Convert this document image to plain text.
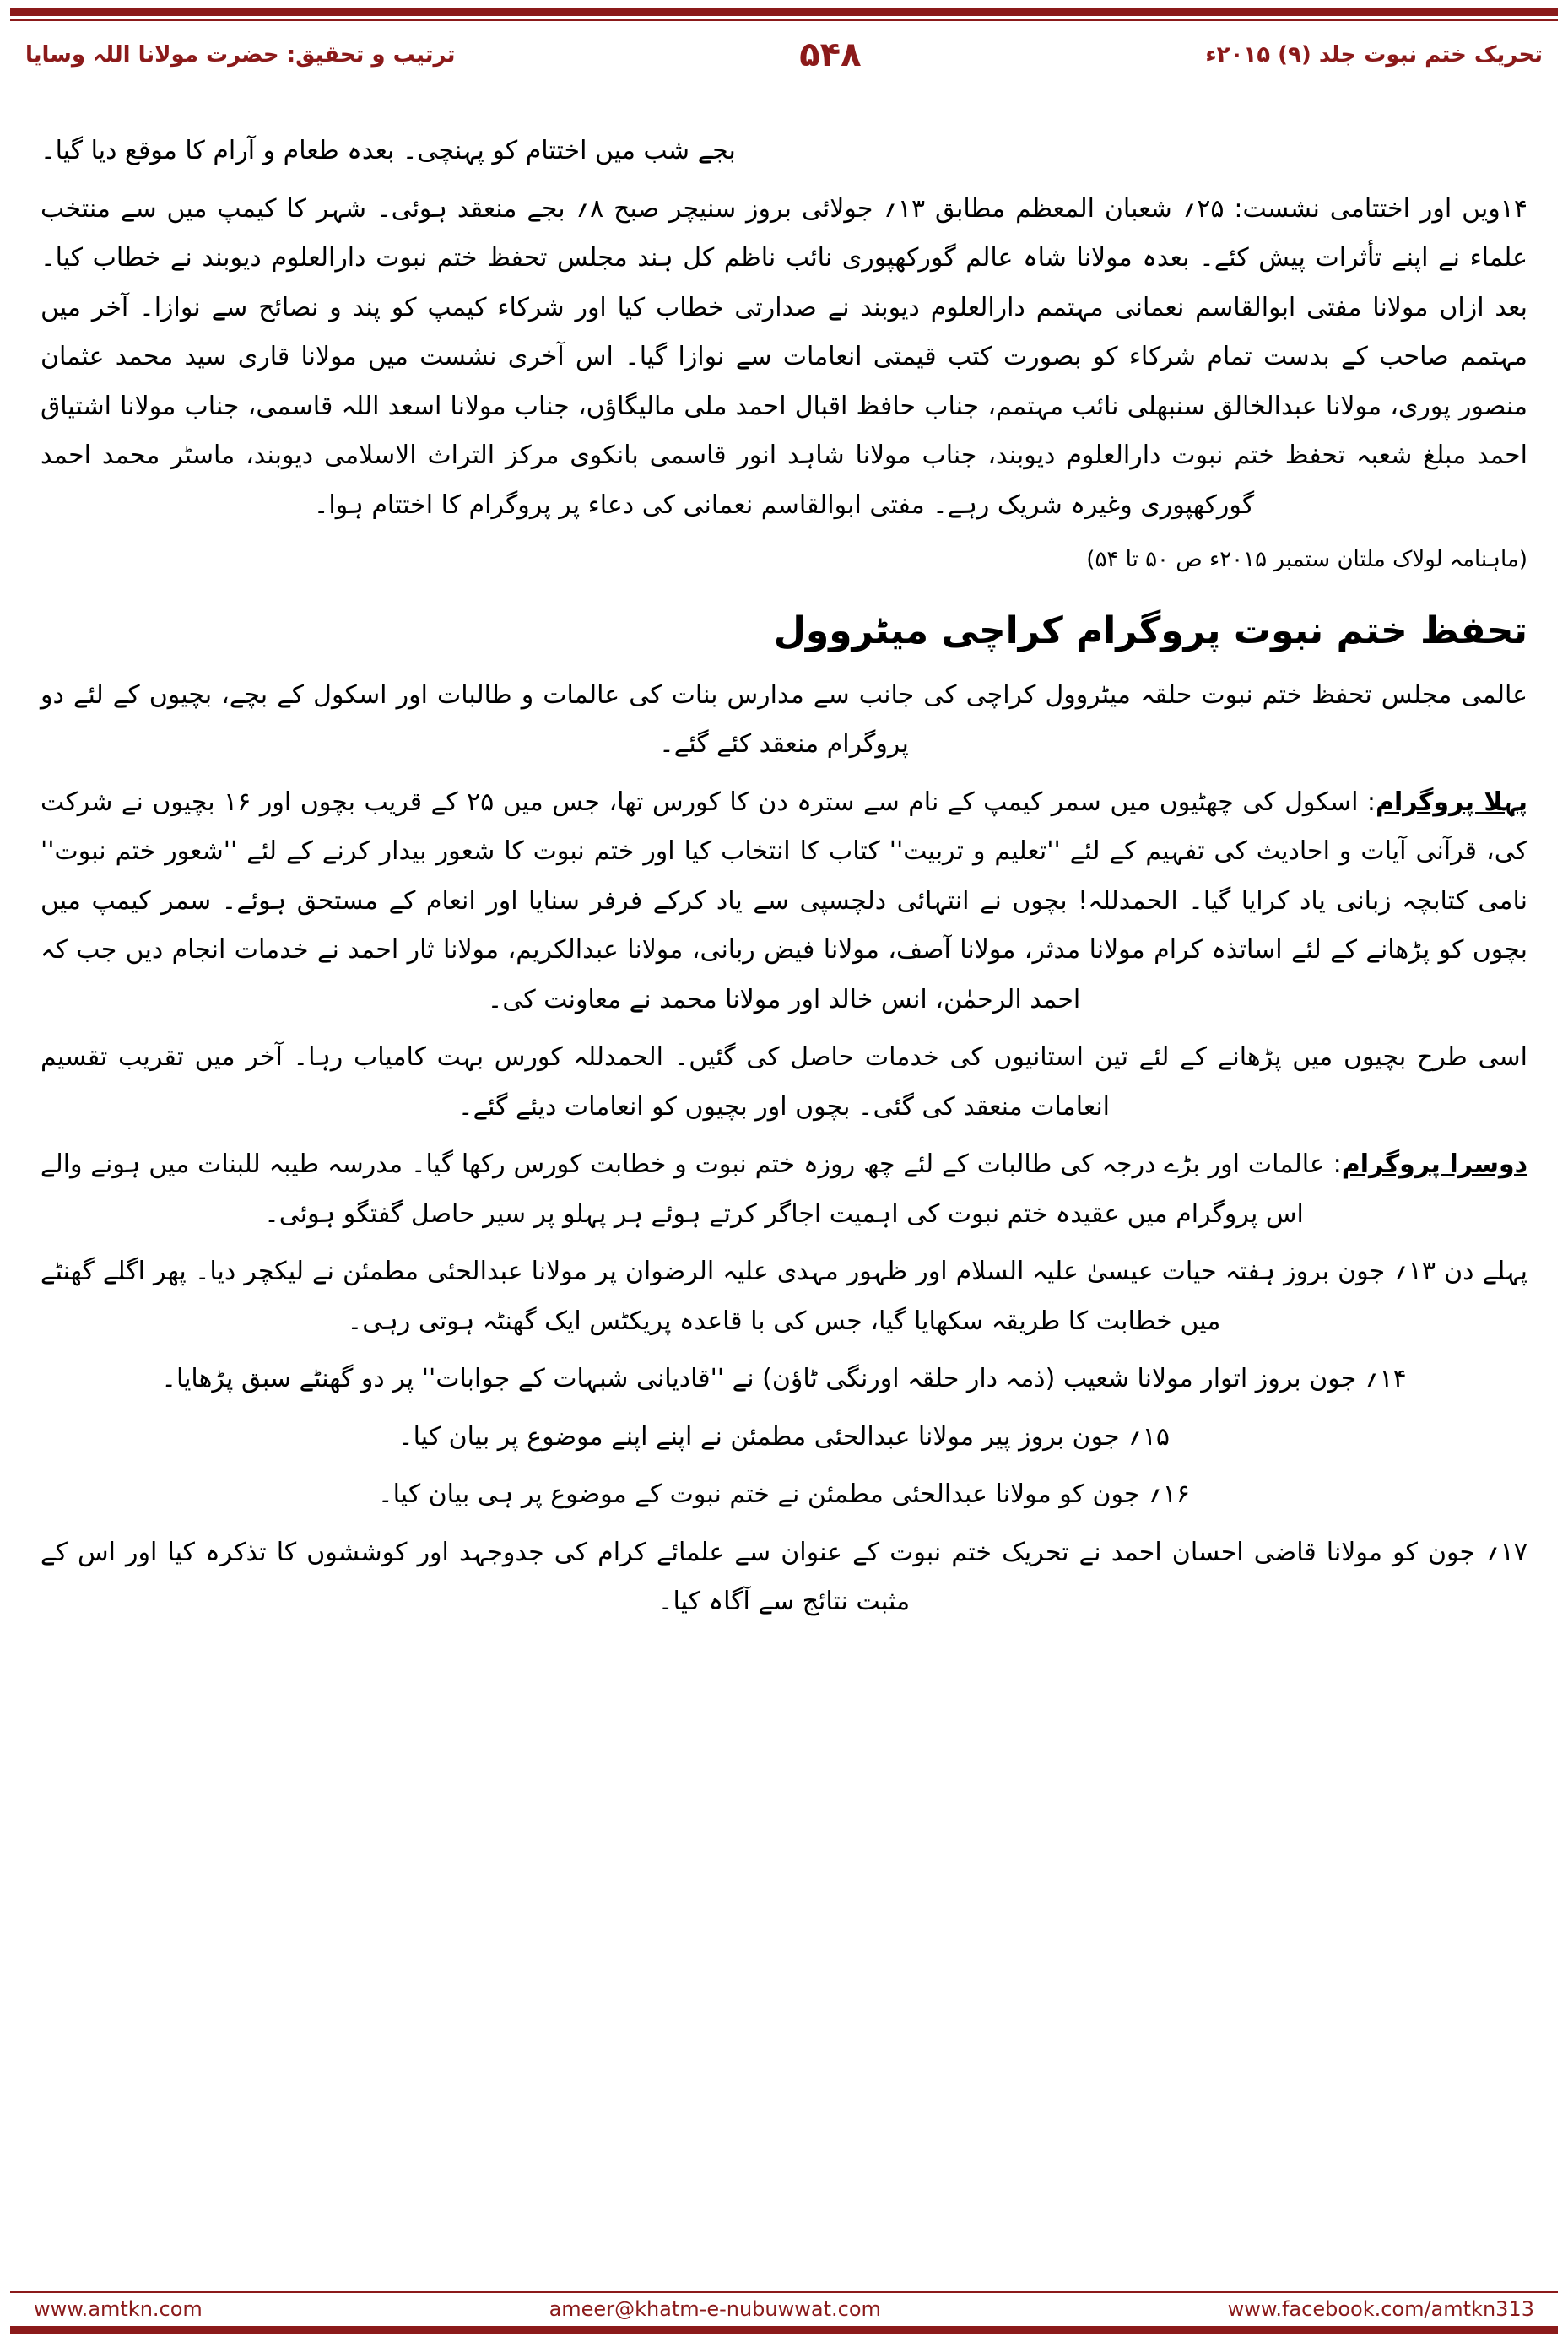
تحریک ختم نبوت جلد (۹) ۲۰۱۵ء
۵۴۸
ترتیب و تحقیق: حضرت مولانا اللہ وسایا

بجے شب میں اختتام کو پہنچی۔ بعدہ طعام و آرام کا موقع دیا گیا۔

۱۴ویں اور اختتامی نشست: ۲۵؍ شعبان المعظم مطابق ۱۳؍ جولائی بروز سنیچر صبح ۸؍ بجے منعقد ہوئی۔ شہر کا کیمپ میں سے منتخب علماء نے اپنے تأثرات پیش کئے۔ بعدہ مولانا شاہ عالم گورکھپوری نائب ناظم کل ہند مجلس تحفظ ختم نبوت دارالعلوم دیوبند نے خطاب کیا۔ بعد ازاں مولانا مفتی ابوالقاسم نعمانی مہتمم دارالعلوم دیوبند نے صدارتی خطاب کیا اور شرکاء کیمپ کو پند و نصائح سے نوازا۔ آخر میں مہتمم صاحب کے بدست تمام شرکاء کو بصورت کتب قیمتی انعامات سے نوازا گیا۔ اس آخری نشست میں مولانا قاری سید محمد عثمان منصور پوری، مولانا عبدالخالق سنبھلی نائب مہتمم، جناب حافظ اقبال احمد ملی مالیگاؤں، جناب مولانا اسعد اللہ قاسمی، جناب مولانا اشتیاق احمد مبلغ شعبہ تحفظ ختم نبوت دارالعلوم دیوبند، جناب مولانا شاہد انور قاسمی بانکوی مرکز التراث الاسلامی دیوبند، ماسٹر محمد احمد گورکھپوری وغیرہ شریک رہے۔ مفتی ابوالقاسم نعمانی کی دعاء پر پروگرام کا اختتام ہوا۔

(ماہنامہ لولاک ملتان ستمبر ۲۰۱۵ء ص ۵۰ تا ۵۴)
تحفظ ختم نبوت پروگرام کراچی میٹروول

عالمی مجلس تحفظ ختم نبوت حلقہ میٹروول کراچی کی جانب سے مدارس بنات کی عالمات و طالبات اور اسکول کے بچے، بچیوں کے لئے دو پروگرام منعقد کئے گئے۔

پہلا پروگرام: اسکول کی چھٹیوں میں سمر کیمپ کے نام سے سترہ دن کا کورس تھا، جس میں ۲۵ کے قریب بچوں اور ۱۶ بچیوں نے شرکت کی، قرآنی آیات و احادیث کی تفہیم کے لئے ''تعلیم و تربیت'' کتاب کا انتخاب کیا اور ختم نبوت کا شعور بیدار کرنے کے لئے ''شعور ختم نبوت'' نامی کتابچہ زبانی یاد کرایا گیا۔ الحمدللہ! بچوں نے انتہائی دلچسپی سے یاد کرکے فرفر سنایا اور انعام کے مستحق ہوئے۔ سمر کیمپ میں بچوں کو پڑھانے کے لئے اساتذہ کرام مولانا مدثر، مولانا آصف، مولانا فیض ربانی، مولانا عبدالکریم، مولانا ثار احمد نے خدمات انجام دیں جب کہ احمد الرحمٰن، انس خالد اور مولانا محمد نے معاونت کی۔

اسی طرح بچیوں میں پڑھانے کے لئے تین استانیوں کی خدمات حاصل کی گئیں۔ الحمدللہ کورس بہت کامیاب رہا۔ آخر میں تقریب تقسیم انعامات منعقد کی گئی۔ بچوں اور بچیوں کو انعامات دیئے گئے۔

دوسرا پروگرام: عالمات اور بڑے درجہ کی طالبات کے لئے چھ روزہ ختم نبوت و خطابت کورس رکھا گیا۔ مدرسہ طیبہ للبنات میں ہونے والے اس پروگرام میں عقیدہ ختم نبوت کی اہمیت اجاگر کرتے ہوئے ہر پہلو پر سیر حاصل گفتگو ہوئی۔

پہلے دن ۱۳؍ جون بروز ہفتہ حیات عیسیٰ علیہ السلام اور ظہور مہدی علیہ الرضوان پر مولانا عبدالحئی مطمئن نے لیکچر دیا۔ پھر اگلے گھنٹے میں خطابت کا طریقہ سکھایا گیا، جس کی با قاعدہ پریکٹس ایک گھنٹہ ہوتی رہی۔

۱۴؍ جون بروز اتوار مولانا شعیب (ذمہ دار حلقہ اورنگی ٹاؤن) نے ''قادیانی شبہات کے جوابات'' پر دو گھنٹے سبق پڑھایا۔

۱۵؍ جون بروز پیر مولانا عبدالحئی مطمئن نے اپنے اپنے موضوع پر بیان کیا۔

۱۶؍ جون کو مولانا عبدالحئی مطمئن نے ختم نبوت کے موضوع پر ہی بیان کیا۔

۱۷؍ جون کو مولانا قاضی احسان احمد نے تحریک ختم نبوت کے عنوان سے علمائے کرام کی جدوجہد اور کوششوں کا تذکرہ کیا اور اس کے مثبت نتائج سے آگاہ کیا۔

www.amtkn.com	ameer@khatm-e-nubuwwat.com	www.facebook.com/amtkn313
